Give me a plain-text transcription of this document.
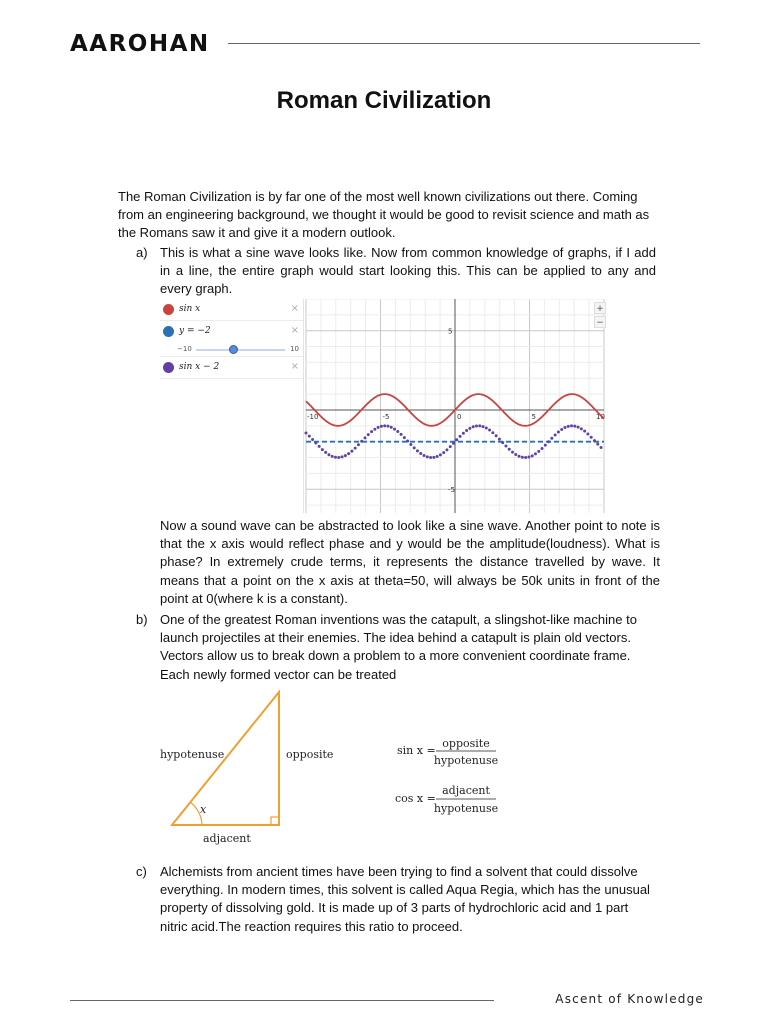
AAROHAN
Roman Civilization

The Roman Civilization is by far one of the most well known civilizations out there. Coming from an engineering background, we thought it would be good to revisit science and math as the Romans saw it and give it a modern outlook.

a) This is what a sine wave looks like. Now from common knowledge of graphs, if I add in a line, the entire graph would start looking this. This can be applied to any and every graph.
sin x	×
y = −2	×
−10	10
sin x − 2	×
-10	-5	0	5	10
5
-5
+
−

Now a sound wave can be abstracted to look like a sine wave. Another point to note is that the x axis would reflect phase and y would be the amplitude(loudness). What is phase? In extremely crude terms, it represents the distance travelled by wave. It means that a point on the x axis at theta=50, will always be 50k units in front of the point at 0(where k is a constant).

b) One of the greatest Roman inventions was the catapult, a slingshot-like machine to launch projectiles at their enemies. The idea behind a catapult is plain old vectors. Vectors allow us to break down a problem to a more convenient coordinate frame. Each newly formed vector can be treated
x
hypotenuse	opposite
adjacent
sin x =
opposite
hypotenuse
cos x =
adjacent
hypotenuse
c)	Alchemists from ancient times have been trying to find a solvent that could dissolve everything. In modern times, this solvent is called Aqua Regia, which has the unusual property of dissolving gold. It is made up of 3 parts of hydrochloric acid and 1 part nitric acid.The reaction requires this ratio to proceed.
Ascent of Knowledge
